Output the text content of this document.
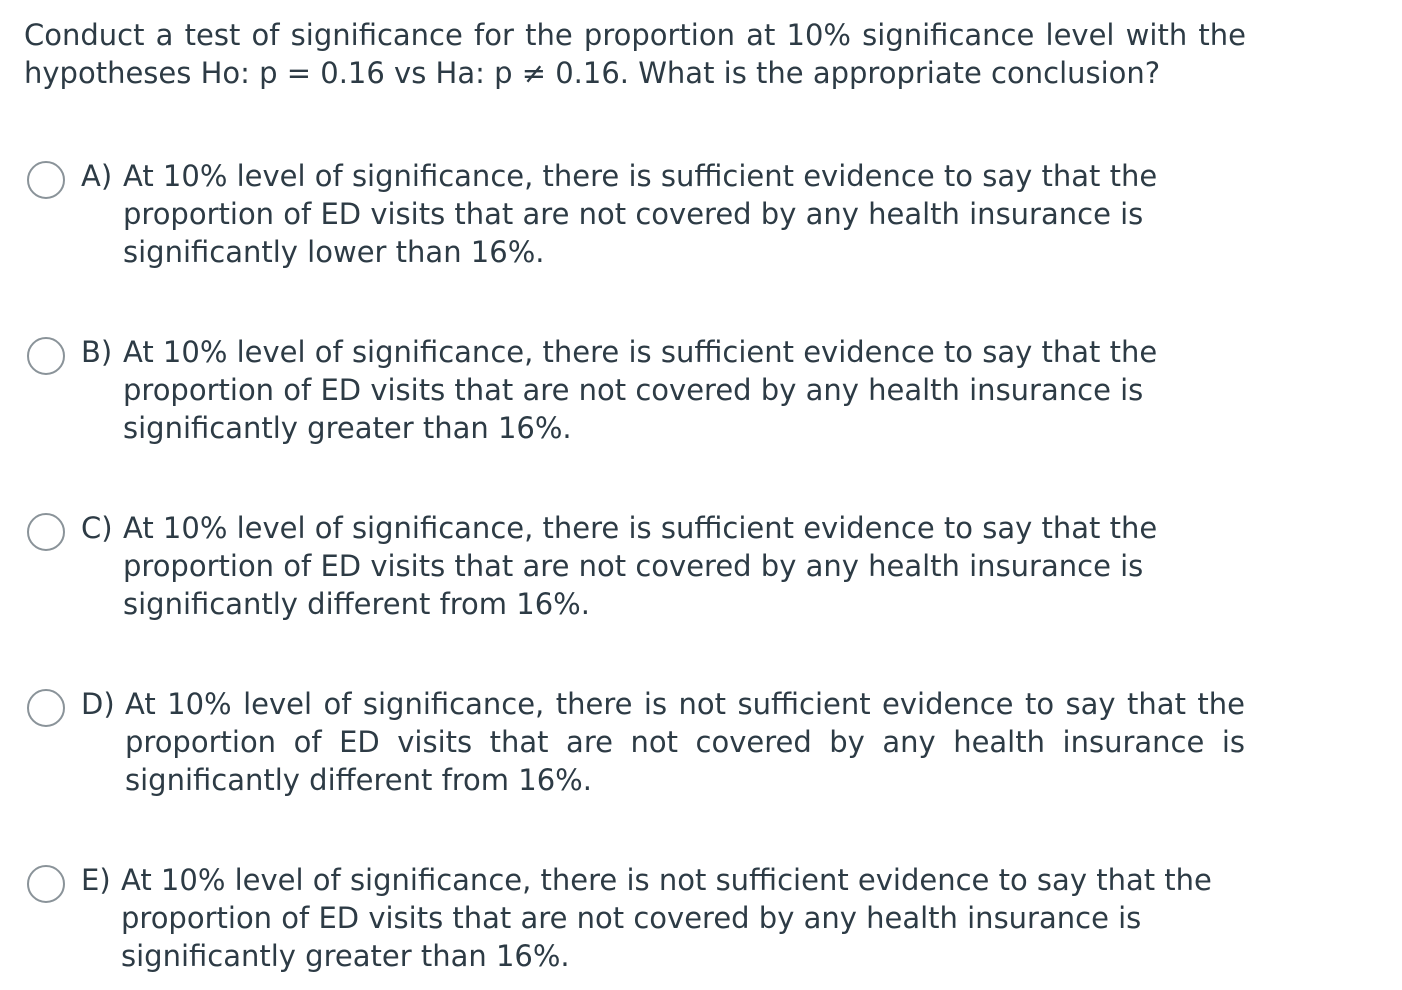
Conduct a test of significance for the proportion at 10% significance level with the
hypotheses Ho: p = 0.16 vs Ha: p ≠ 0.16. What is the appropriate conclusion?
A) At 10% level of significance, there is sufficient evidence to say that the
proportion of ED visits that are not covered by any health insurance is
significantly lower than 16%.
B) At 10% level of significance, there is sufficient evidence to say that the
proportion of ED visits that are not covered by any health insurance is
significantly greater than 16%.
C) At 10% level of significance, there is sufficient evidence to say that the
proportion of ED visits that are not covered by any health insurance is
significantly different from 16%.
D) At 10% level of significance, there is not sufficient evidence to say that the
proportion of ED visits that are not covered by any health insurance is
significantly different from 16%.
E) At 10% level of significance, there is not sufficient evidence to say that the
proportion of ED visits that are not covered by any health insurance is
significantly greater than 16%.
